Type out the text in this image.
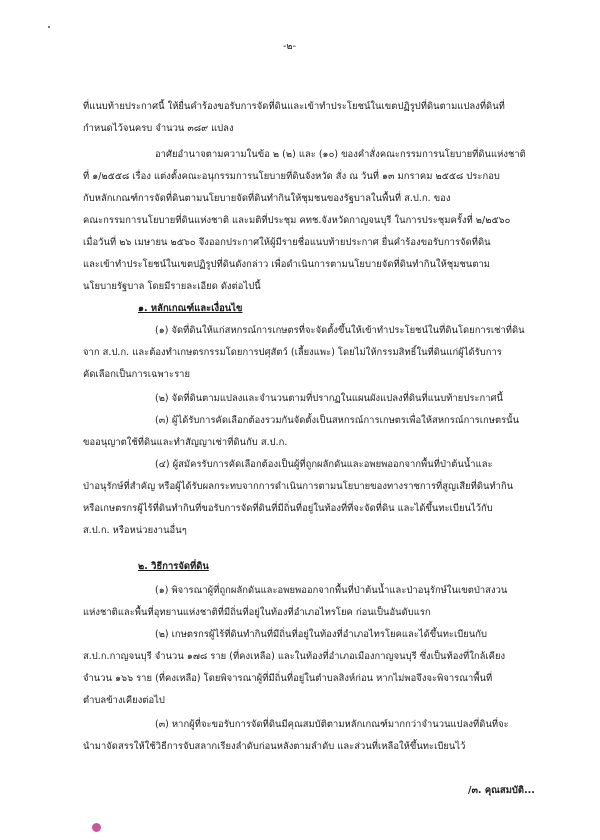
-๒-
ที่แนบท้ายประกาศนี้ ให้ยื่นคำร้องขอรับการจัดที่ดินและเข้าทำประโยชน์ในเขตปฏิรูปที่ดินตามแปลงที่ดินที่
กำหนดไว้จนครบ จำนวน ๓๘๙ แปลง
อาศัยอำนาจตามความในข้อ ๒ (๒) และ (๑๐) ของคำสั่งคณะกรรมการนโยบายที่ดินแห่งชาติ
ที่ ๑/๒๕๕๘ เรื่อง แต่งตั้งคณะอนุกรรมการนโยบายที่ดินจังหวัด สั่ง ณ วันที่ ๑๓ มกราคม ๒๕๕๘ ประกอบ
กับหลักเกณฑ์การจัดที่ดินตามนโยบายจัดที่ดินทำกินให้ชุมชนของรัฐบาลในพื้นที่ ส.ป.ก. ของ
คณะกรรมการนโยบายที่ดินแห่งชาติ และมติที่ประชุม คทช.จังหวัดกาญจนบุรี ในการประชุมครั้งที่ ๒/๒๕๖๐
เมื่อวันที่ ๒๖ เมษายน ๒๕๖๐ จึงออกประกาศให้ผู้มีรายชื่อแนบท้ายประกาศ ยื่นคำร้องขอรับการจัดที่ดิน
และเข้าทำประโยชน์ในเขตปฏิรูปที่ดินดังกล่าว เพื่อดำเนินการตามนโยบายจัดที่ดินทำกินให้ชุมชนตาม
นโยบายรัฐบาล โดยมีรายละเอียด ดังต่อไปนี้
๑. หลักเกณฑ์และเงื่อนไข
(๑) จัดที่ดินให้แก่สหกรณ์การเกษตรที่จะจัดตั้งขึ้นให้เข้าทำประโยชน์ในที่ดินโดยการเช่าที่ดิน
จาก ส.ป.ก. และต้องทำเกษตรกรรมโดยการปศุสัตว์ (เลี้ยงแพะ) โดยไม่ให้กรรมสิทธิ์ในที่ดินแก่ผู้ได้รับการ
คัดเลือกเป็นการเฉพาะราย
(๒) จัดที่ดินตามแปลงและจำนวนตามที่ปรากฏในแผนผังแปลงที่ดินที่แนบท้ายประกาศนี้
(๓) ผู้ได้รับการคัดเลือกต้องรวมกันจัดตั้งเป็นสหกรณ์การเกษตรเพื่อให้สหกรณ์การเกษตรนั้น
ขออนุญาตใช้ที่ดินและทำสัญญาเช่าที่ดินกับ ส.ป.ก.
(๔) ผู้สมัครรับการคัดเลือกต้องเป็นผู้ที่ถูกผลักดันและอพยพออกจากพื้นที่ป่าต้นน้ำและ
ป่าอนุรักษ์ที่สำคัญ หรือผู้ได้รับผลกระทบจากการดำเนินการตามนโยบายของทางราชการที่สูญเสียที่ดินทำกิน
หรือเกษตรกรผู้ไร้ที่ดินทำกินที่ขอรับการจัดที่ดินที่มีถิ่นที่อยู่ในท้องที่ที่จะจัดที่ดิน และได้ขึ้นทะเบียนไว้กับ
ส.ป.ก. หรือหน่วยงานอื่นๆ
๒. วิธีการจัดที่ดิน
(๑) พิจารณาผู้ที่ถูกผลักดันและอพยพออกจากพื้นที่ป่าต้นน้ำและป่าอนุรักษ์ในเขตป่าสงวน
แห่งชาติและพื้นที่อุทยานแห่งชาติที่มีถิ่นที่อยู่ในท้องที่อำเภอไทรโยค ก่อนเป็นอันดับแรก
(๒) เกษตรกรผู้ไร้ที่ดินทำกินที่มีถิ่นที่อยู่ในท้องที่อำเภอไทรโยคและได้ขึ้นทะเบียนกับ
ส.ป.ก.กาญจนบุรี จำนวน ๑๗๘ ราย (ที่คงเหลือ) และในท้องที่อำเภอเมืองกาญจนบุรี ซึ่งเป็นท้องที่ใกล้เคียง
จำนวน ๑๖๖ ราย (ที่คงเหลือ) โดยพิจารณาผู้ที่มีถิ่นที่อยู่ในตำบลสิงห์ก่อน หากไม่พอจึงจะพิจารณาพื้นที่
ตำบลข้างเคียงต่อไป
(๓) หากผู้ที่จะขอรับการจัดที่ดินมีคุณสมบัติตามหลักเกณฑ์มากกว่าจำนวนแปลงที่ดินที่จะ
นำมาจัดสรรให้ใช้วิธีการจับสลากเรียงลำดับก่อนหลังตามลำดับ และส่วนที่เหลือให้ขึ้นทะเบียนไว้
/๓. คุณสมบัติ...
